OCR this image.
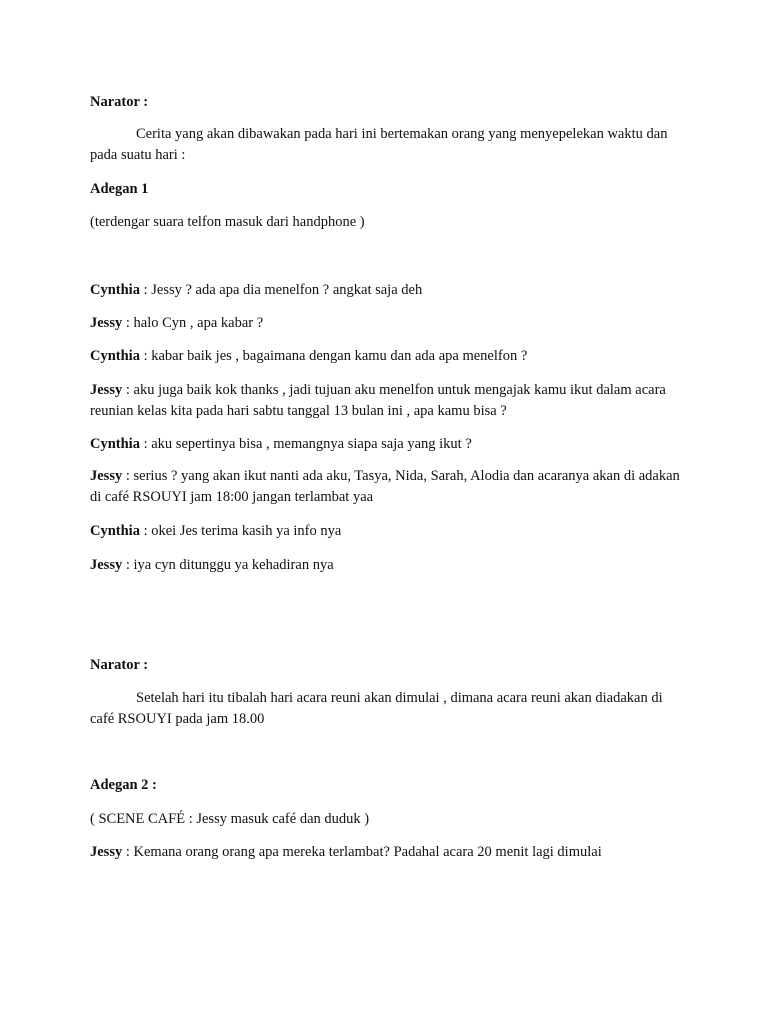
Narator :

Cerita yang akan dibawakan pada hari ini bertemakan orang yang menyepelekan waktu dan pada suatu hari :

Adegan 1

(terdengar suara telfon masuk dari handphone )

Cynthia : Jessy ? ada apa dia menelfon ? angkat saja deh

Jessy : halo Cyn , apa kabar ?

Cynthia : kabar baik jes , bagaimana dengan kamu dan ada apa menelfon ?

Jessy : aku juga baik kok thanks , jadi tujuan aku menelfon untuk mengajak kamu ikut dalam acara reunian kelas kita pada hari sabtu tanggal 13 bulan ini , apa kamu bisa ?

Cynthia : aku sepertinya bisa , memangnya siapa saja yang ikut ?

Jessy : serius ? yang akan ikut nanti ada aku, Tasya, Nida, Sarah, Alodia dan acaranya akan di adakan di café RSOUYI jam 18:00 jangan terlambat yaa

Cynthia : okei Jes terima kasih ya info nya

Jessy : iya cyn ditunggu ya kehadiran nya

Narator :

Setelah hari itu tibalah hari acara reuni akan dimulai , dimana acara reuni akan diadakan di café RSOUYI pada jam 18.00

Adegan 2 :

( SCENE CAFÉ : Jessy masuk café dan duduk )

Jessy : Kemana orang orang apa mereka terlambat? Padahal acara 20 menit lagi dimulai
